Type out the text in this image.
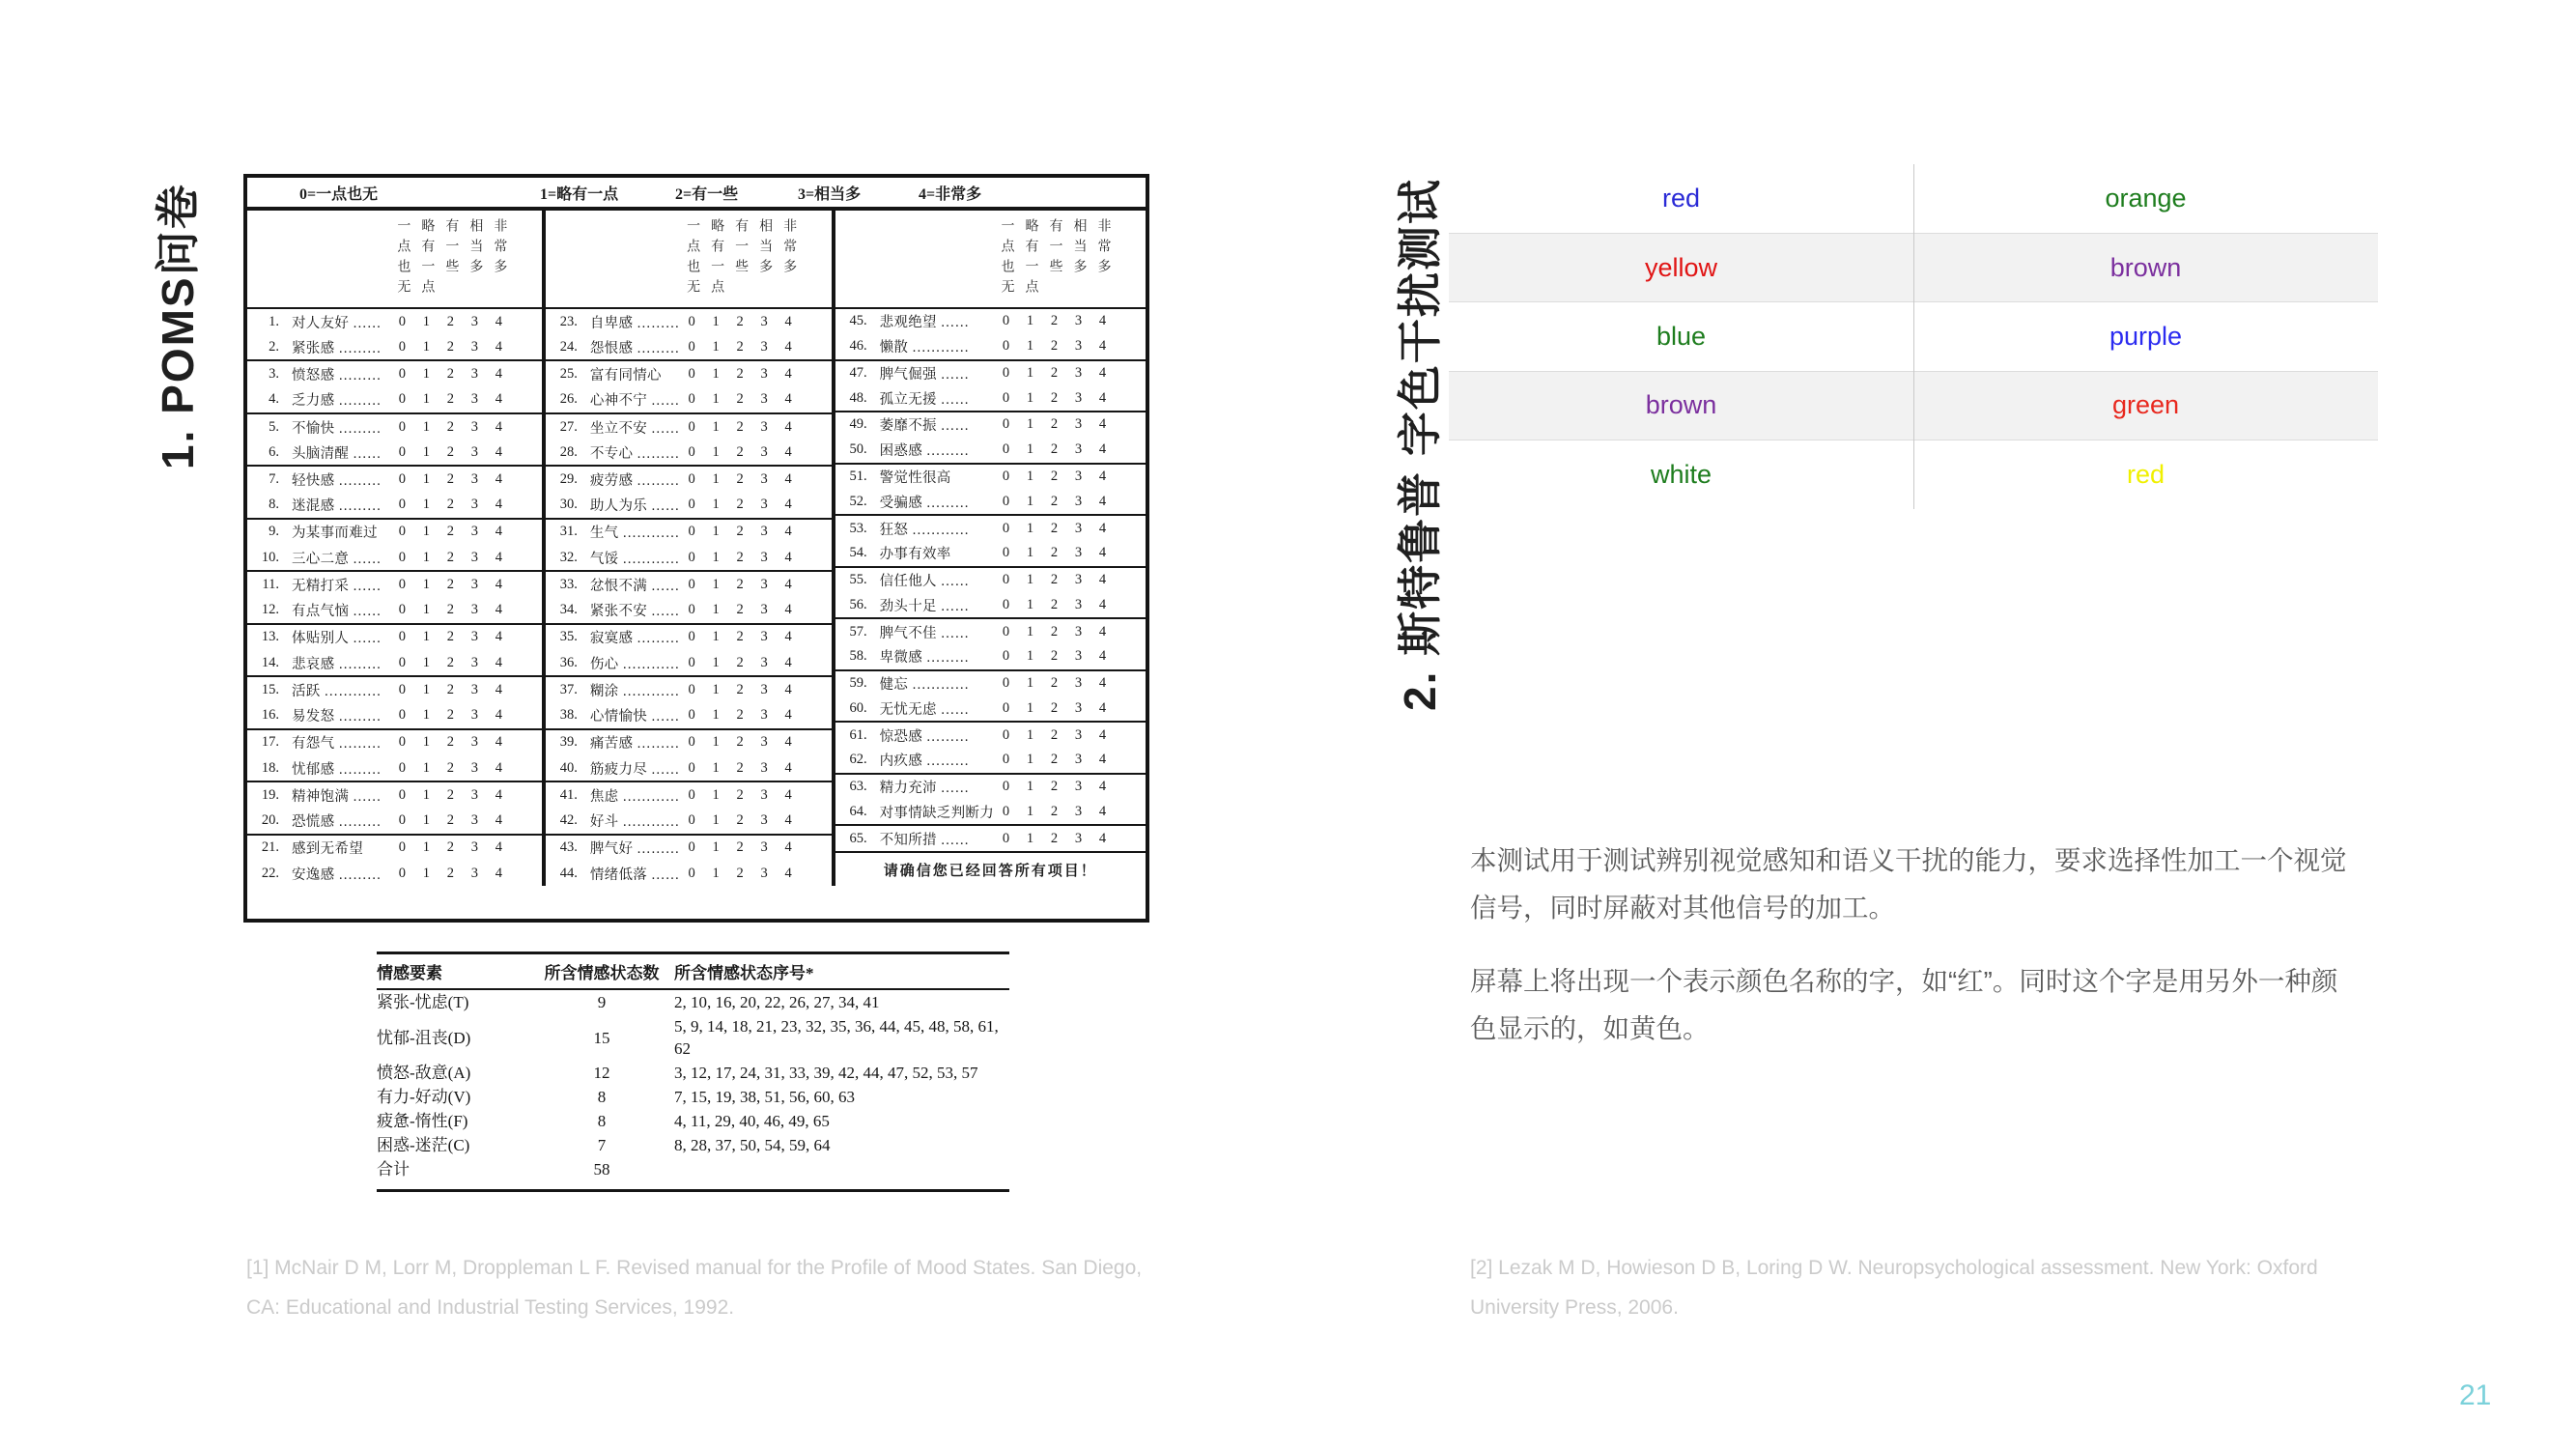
1. POMS问卷	0=一点也无	1=略有一点	2=有一些	3=相当多	4=非常多
一点也无 略有一点 有一些 相当多 非常多
1. 对人友好 ……	0	1	2	3	4
2. 紧张感 ………	0	1	2	3	4
3. 愤怒感 ………	0	1	2	3	4
4. 乏力感 ………	0	1	2	3	4
5. 不愉快 ………	0	1	2	3	4
6. 头脑清醒 ……	0	1	2	3	4
7. 轻快感 ………	0	1	2	3	4
8. 迷混感 ………	0	1	2	3	4
9. 为某事而难过	0	1	2	3	4
10. 三心二意 ……	0	1	2	3	4
11. 无精打采 ……	0	1	2	3	4
12. 有点气恼 ……	0	1	2	3	4
13. 体贴别人 ……	0	1	2	3	4
14. 悲哀感 ………	0	1	2	3	4
15. 活跃 …………	0	1	2	3	4
16. 易发怒 ………	0	1	2	3	4
17. 有怨气 ………	0	1	2	3	4
18. 忧郁感 ………	0	1	2	3	4
19. 精神饱满 ……	0	1	2	3	4
20. 恐慌感 ………	0	1	2	3	4
21. 感到无希望	0	1	2	3	4
22. 安逸感 ………	0	1	2	3	4
一点也无 略有一点 有一些 相当多 非常多
23. 自卑感 ……… 0	1	2	3	4
24. 怨恨感 ……… 0	1	2	3	4
25. 富有同情心	0	1	2	3	4
26. 心神不宁 …… 0	1	2	3	4
27. 坐立不安 …… 0	1	2	3	4
28. 不专心 ……… 0	1	2	3	4
29. 疲劳感 ……… 0	1	2	3	4
30. 助人为乐 …… 0	1	2	3	4
31. 生气 ………… 0	1	2	3	4
32. 气馁 ………… 0	1	2	3	4
33. 忿恨不满 …… 0	1	2	3	4
34. 紧张不安 …… 0	1	2	3	4
35. 寂寞感 ……… 0	1	2	3	4
36. 伤心 ………… 0	1	2	3	4
37. 糊涂 ………… 0	1	2	3	4
38. 心情愉快 …… 0	1	2	3	4
39. 痛苦感 ……… 0	1	2	3	4
40. 筋疲力尽 …… 0	1	2	3	4
41. 焦虑 ………… 0	1	2	3	4
42. 好斗 ………… 0	1	2	3	4
43. 脾气好 ……… 0	1	2	3	4
44. 情绪低落 …… 0	1	2	3	4
一点也无 略有一点 有一些 相当多 非常多
45. 悲观绝望 ……	0	1	2	3	4
46. 懒散 …………	0	1	2	3	4
47. 脾气倔强 ……	0	1	2	3	4
48. 孤立无援 ……	0	1	2	3	4
49. 萎靡不振 ……	0	1	2	3	4
50. 困惑感 ………	0	1	2	3	4
51. 警觉性很高	0	1	2	3	4
52. 受骗感 ………	0	1	2	3	4
53. 狂怒 …………	0	1	2	3	4
54. 办事有效率	0	1	2	3	4
55. 信任他人 ……	0	1	2	3	4
56. 劲头十足 ……	0	1	2	3	4
57. 脾气不佳 ……	0	1	2	3	4
58. 卑微感 ………	0	1	2	3	4
59. 健忘 …………	0	1	2	3	4
60. 无忧无虑 ……	0	1	2	3	4
61. 惊恐感 ………	0	1	2	3	4
62. 内疚感 ………	0	1	2	3	4
63. 精力充沛 ……	0	1	2	3	4
64. 对事情缺乏判断力 0	1	2	3	4
65. 不知所措 ……	0	1	2	3	4
请确信您已经回答所有项目！
情感要素	所含情感状态数	所含情感状态序号*
紧张-忧虑(T)	9	2, 10, 16, 20, 22, 26, 27, 34, 41
忧郁-沮丧(D)	15	5, 9, 14, 18, 21, 23, 32, 35, 36, 44, 45, 48, 58, 61, 62
愤怒-敌意(A)	12	3, 12, 17, 24, 31, 33, 39, 42, 44, 47, 52, 53, 57
有力-好动(V)	8	7, 15, 19, 38, 51, 56, 60, 63
疲惫-惰性(F)	8	4, 11, 29, 40, 46, 49, 65
困惑-迷茫(C)	7	8, 28, 37, 50, 54, 59, 64
合计	58	
[1] McNair D M, Lorr M, Droppleman L F. Revised manual for the Profile of Mood States. San Diego, CA: Educational and Industrial Testing Services, 1992.
2. 斯特鲁普 字色干扰测试	red	orange
yellow	brown
blue	purple
brown	green
white	red

本测试用于测试辨别视觉感知和语义干扰的能力，要求选择性加工一个视觉信号，同时屏蔽对其他信号的加工。

屏幕上将出现一个表示颜色名称的字，如“红”。同时这个字是用另外一种颜色显示的，如黄色。

[2] Lezak M D, Howieson D B, Loring D W. Neuropsychological assessment. New York: Oxford University Press, 2006.
21
